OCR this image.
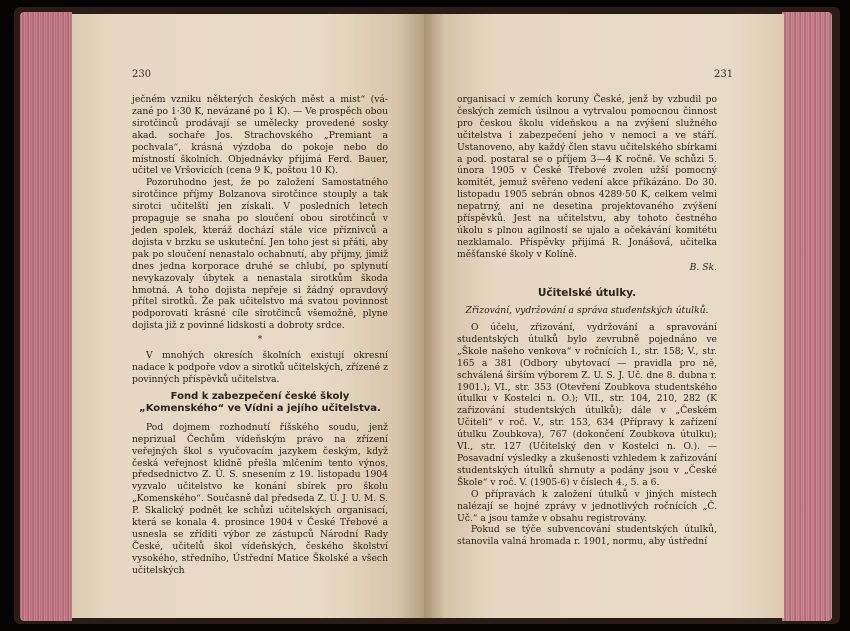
230

ječném vzniku některých českých měst a mist“ (vá-zané po 1·30 K, nevázané po 1 K). — Ve prospěch obou sirotčinců prodávají se umělecky provedené sosky akad. sochaře Jos. Strachovského „Premiant a pochvala“, krásná výzdoba do pokoje nebo do místností školních. Objednávky přijímá Ferd. Bauer, učitel ve Vršovicích (cena 9 K, poštou 10 K).

Pozoruhodno jest, že po založení Samostatného sirotčince příjmy Bolzanova sirotčince stouply a tak sirotci učitelští jen získali. V posledních letech propaguje se snaha po sloučení obou sirotčinců v jeden spolek, kteráž dochází stále více příznivců a dojista v brzku se uskuteční. Jen toho jest si přáti, aby pak po sloučení nenastalo ochabnutí, aby příjmy, jimiž dnes jedna korporace druhé se chlubí, po splynutí nevykazovaly úbytek a nenastala sirotkům škoda hmotná. A toho dojista nepřeje si žádný opravdový přítel sirotků. Že pak učitelstvo má svatou povinnost podporovati krásné cíle sirotčinců všemožně, plyne dojista již z povinné lidskosti a dobroty srdce.

*

V mnohých okresích školních existují okresní nadace k podpoře vdov a sirotků učitelských, zřízené z povinných příspěvků učitelstva.

Fond k zabezpečení české školy „Komenského“ ve Vídni a jejího učitelstva.

Pod dojmem rozhodnutí říšského soudu, jenž neprizual Čechům vídeňským právo na zřízení veřejných škol s vyučovacím jazykem českým, když česká veřejnost klidně přešla mlčením tento výnos, předsednictvo Z. Ú. S. snesením z 19. listopadu 1904 vyzvalo učitelstvo ke konání sbírek pro školu „Komenského“. Současně dal předseda Z. Ú. J. U. M. S. P. Skalický podnět ke schůzi učitelských organisací, která se konala 4. prosince 1904 v České Třebové a usnesla se zříditi výbor ze zástupců Národní Rady České, učitelů škol vídeňských, českého školství vysokého, středního, Ústřední Matice Školské a všech učitelských

231

organisací v zemích koruny České, jenž by vzbudil po českých zemích úsilnou a vytrvalou pomocnou činnost pro českou školu vídeňskou a na zvýšení služného učitelstva i zabezpečení jeho v nemoci a ve stáří. Ustanoveno, aby každý člen stavu učitelského sbírkami a pod. postaral se o příjem 3—4 K ročně. Ve schůzi 5. února 1905 v České Třebové zvolen užší pomocný komitét, jemuž svěřeno vedení akce přikázáno. Do 30. listopadu 1905 sebrán obnos 4289·50 K, celkem velmi nepatrný, ani ne desetina projektovaného zvýšení příspěvků. Jest na učitelstvu, aby tohoto čestného úkolu s plnou agilností se ujalo a očekávání komitétu nezklamalo. Příspěvky přijímá R. Jonášová, učitelka měšťanské školy v Kolíně.

B. Sk.
Učitelské útulky.
Zřizování, vydržování a správa studentských útulků.

O účelu, zřizování, vydržování a spravování studentských útulků bylo zevrubně pojednáno ve „Škole našeho venkova“ v ročnících I., str. 158; V., str. 165 a 381 (Odbory ubytovací — pravidla pro ně, schválená širším výborem Z. U. S. J. Uč. dne 8. dubna r. 1901.); VI., str. 353 (Otevření Zoubkova studentského útulku v Kostelci n. O.); VII., str. 104, 210, 282 (K zařizování studentských útulků); dále v „Českém Učiteli“ v roč. V., str. 153, 634 (Přípravy k zařízení útulku Zoubkova), 767 (dokončení Zoubkova útulku); VI., str. 127 (Učitelský den v Kostelci n. O.). — Posavadní výsledky a zkušenosti vzhledem k zařizování studentských útulků shrnuty a podány jsou v „České Škole“ v roč. V. (1905-6) v číslech 4., 5. a 6.

O přípravách k založení útulků v jiných místech nalézají se hojné zprávy v jednotlivých ročnících „Č. Uč.“ a jsou tamže v obsahu registrovány.

Pokud se týče subvencování studentských útulků, stanovila valná hromada r. 1901, normu, aby ústřední
